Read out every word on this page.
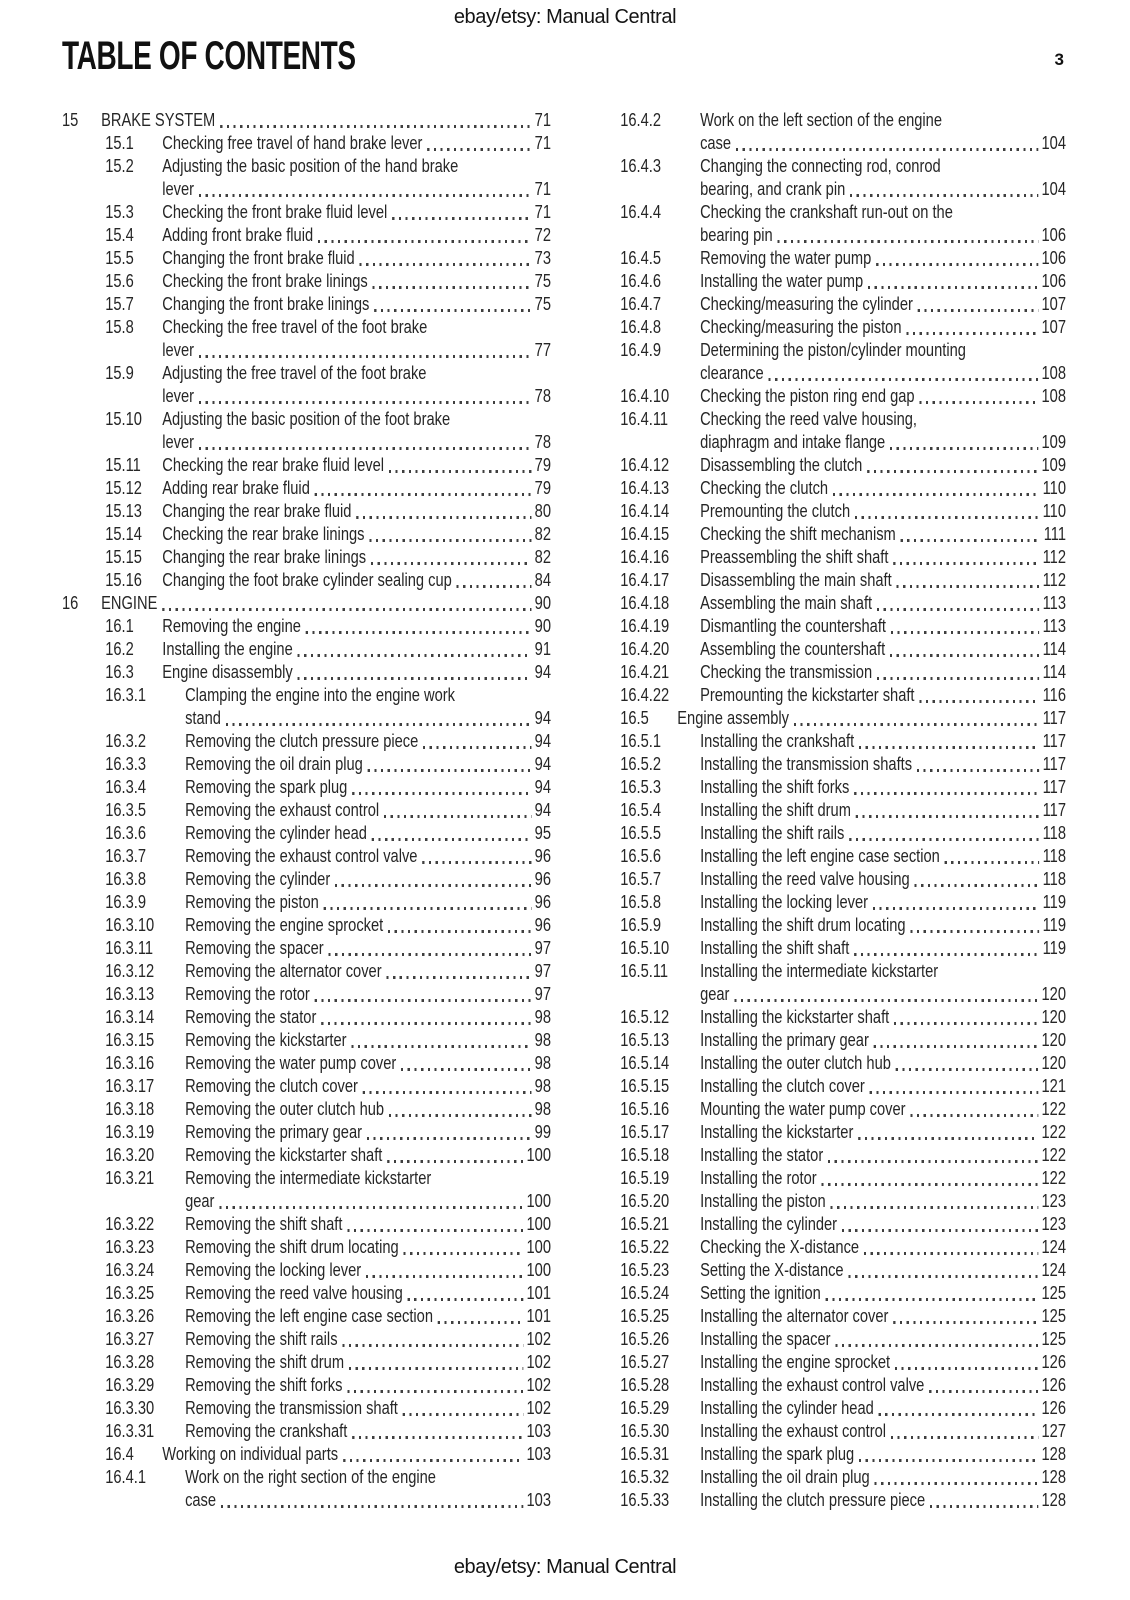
ebay/etsy: Manual Central
TABLE OF CONTENTS	3
15	BRAKE SYSTEM	71
15.1	Checking free travel of hand brake lever	71
15.2	Adjusting the basic position of the hand brake
lever	71
15.3	Checking the front brake fluid level	71
15.4	Adding front brake fluid	72
15.5	Changing the front brake fluid	73
15.6	Checking the front brake linings	75
15.7	Changing the front brake linings	75
15.8	Checking the free travel of the foot brake
lever	77
15.9	Adjusting the free travel of the foot brake
lever	78
15.10	Adjusting the basic position of the foot brake
lever	78
15.11	Checking the rear brake fluid level	79
15.12	Adding rear brake fluid	79
15.13	Changing the rear brake fluid	80
15.14	Checking the rear brake linings	82
15.15	Changing the rear brake linings	82
15.16	Changing the foot brake cylinder sealing cup	84
16	ENGINE	90
16.1	Removing the engine	90
16.2	Installing the engine	91
16.3	Engine disassembly	94
16.3.1	Clamping the engine into the engine work
stand	94
16.3.2	Removing the clutch pressure piece	94
16.3.3	Removing the oil drain plug	94
16.3.4	Removing the spark plug	94
16.3.5	Removing the exhaust control	94
16.3.6	Removing the cylinder head	95
16.3.7	Removing the exhaust control valve	96
16.3.8	Removing the cylinder	96
16.3.9	Removing the piston	96
16.3.10	Removing the engine sprocket	96
16.3.11	Removing the spacer	97
16.3.12	Removing the alternator cover	97
16.3.13	Removing the rotor	97
16.3.14	Removing the stator	98
16.3.15	Removing the kickstarter	98
16.3.16	Removing the water pump cover	98
16.3.17	Removing the clutch cover	98
16.3.18	Removing the outer clutch hub	98
16.3.19	Removing the primary gear	99
16.3.20	Removing the kickstarter shaft	100
16.3.21	Removing the intermediate kickstarter
gear	100
16.3.22	Removing the shift shaft	100
16.3.23	Removing the shift drum locating	100
16.3.24	Removing the locking lever	100
16.3.25	Removing the reed valve housing	101
16.3.26	Removing the left engine case section	101
16.3.27	Removing the shift rails	102
16.3.28	Removing the shift drum	102
16.3.29	Removing the shift forks	102
16.3.30	Removing the transmission shaft	102
16.3.31	Removing the crankshaft	103
16.4	Working on individual parts	103
16.4.1	Work on the right section of the engine
case	103
16.4.2	Work on the left section of the engine
case	104
16.4.3	Changing the connecting rod, conrod
bearing, and crank pin	104
16.4.4	Checking the crankshaft run-out on the
bearing pin	106
16.4.5	Removing the water pump	106
16.4.6	Installing the water pump	106
16.4.7	Checking/measuring the cylinder	107
16.4.8	Checking/measuring the piston	107
16.4.9	Determining the piston/cylinder mounting
clearance	108
16.4.10	Checking the piston ring end gap	108
16.4.11	Checking the reed valve housing,
diaphragm and intake flange	109
16.4.12	Disassembling the clutch	109
16.4.13	Checking the clutch	110
16.4.14	Premounting the clutch	110
16.4.15	Checking the shift mechanism	111
16.4.16	Preassembling the shift shaft	112
16.4.17	Disassembling the main shaft	112
16.4.18	Assembling the main shaft	113
16.4.19	Dismantling the countershaft	113
16.4.20	Assembling the countershaft	114
16.4.21	Checking the transmission	114
16.4.22	Premounting the kickstarter shaft	116
16.5	Engine assembly	117
16.5.1	Installing the crankshaft	117
16.5.2	Installing the transmission shafts	117
16.5.3	Installing the shift forks	117
16.5.4	Installing the shift drum	117
16.5.5	Installing the shift rails	118
16.5.6	Installing the left engine case section	118
16.5.7	Installing the reed valve housing	118
16.5.8	Installing the locking lever	119
16.5.9	Installing the shift drum locating	119
16.5.10	Installing the shift shaft	119
16.5.11	Installing the intermediate kickstarter
gear	120
16.5.12	Installing the kickstarter shaft	120
16.5.13	Installing the primary gear	120
16.5.14	Installing the outer clutch hub	120
16.5.15	Installing the clutch cover	121
16.5.16	Mounting the water pump cover	122
16.5.17	Installing the kickstarter	122
16.5.18	Installing the stator	122
16.5.19	Installing the rotor	122
16.5.20	Installing the piston	123
16.5.21	Installing the cylinder	123
16.5.22	Checking the X-distance	124
16.5.23	Setting the X-distance	124
16.5.24	Setting the ignition	125
16.5.25	Installing the alternator cover	125
16.5.26	Installing the spacer	125
16.5.27	Installing the engine sprocket	126
16.5.28	Installing the exhaust control valve	126
16.5.29	Installing the cylinder head	126
16.5.30	Installing the exhaust control	127
16.5.31	Installing the spark plug	128
16.5.32	Installing the oil drain plug	128
16.5.33	Installing the clutch pressure piece	128
ebay/etsy: Manual Central
